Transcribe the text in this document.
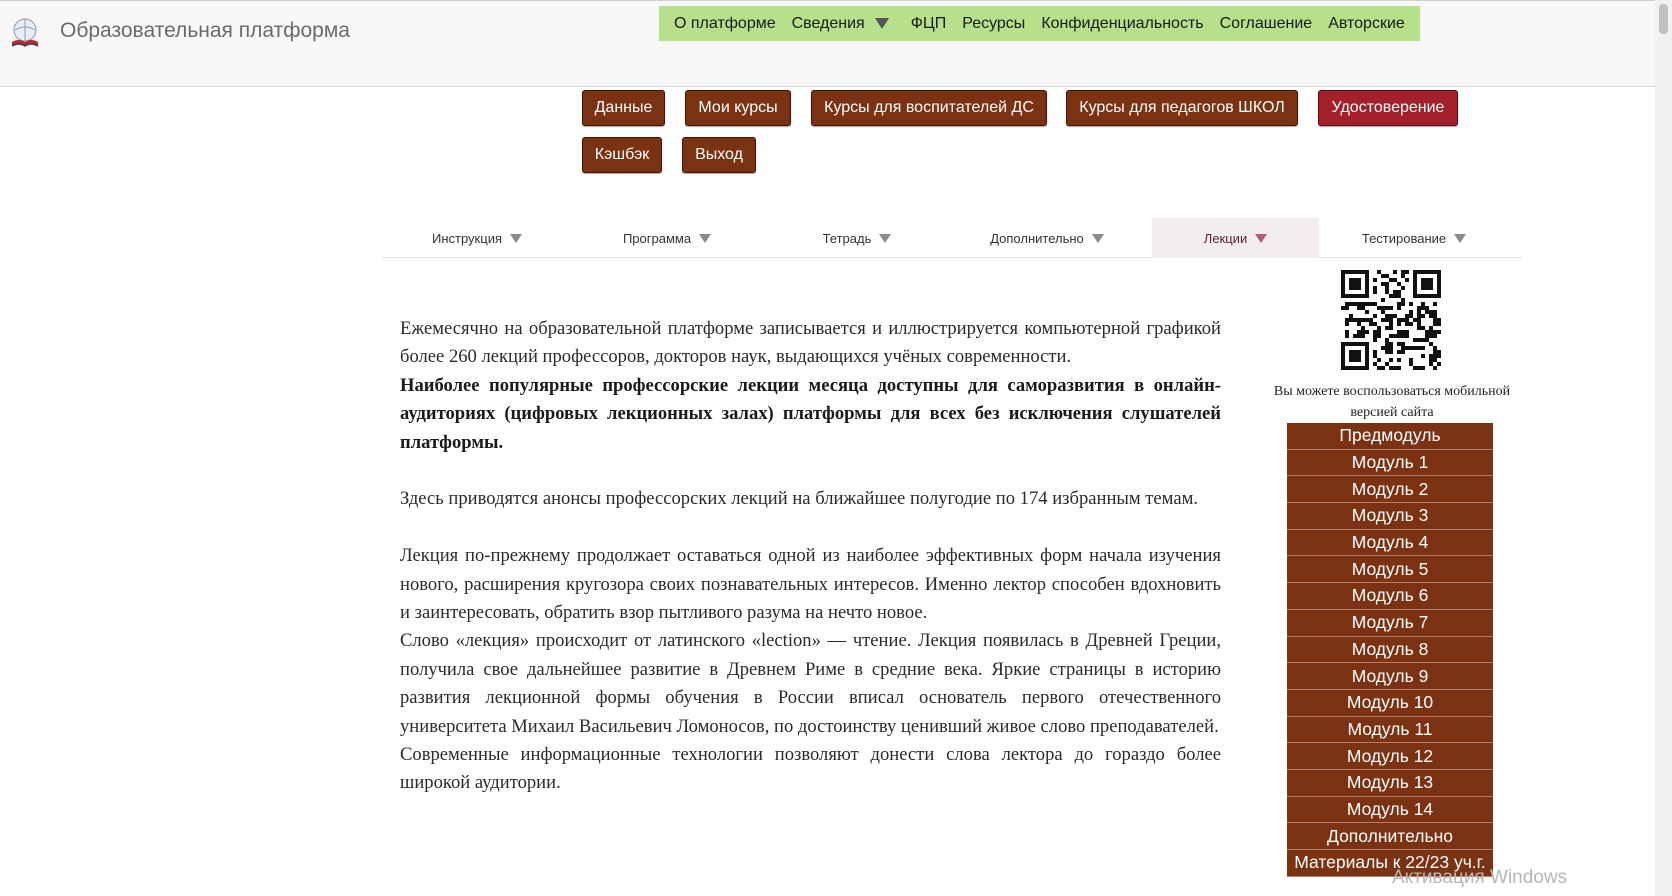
Образовательная платформа	О платформе Сведения	ФЦП Ресурсы Конфиденциальность Соглашение Авторские
Данные	Мои курсы	Курсы для воспитателей ДС	Курсы для педагогов ШКОЛ	Удостоверение
Кэшбэк	Выход
Инструкция	Программа	Тетрадь	Дополнительно	Лекции	Тестирование

Ежемесячно на образовательной платформе записывается и иллюстрируется компьютерной графикой более 260 лекций профессоров, докторов наук, выдающихся учёных современности.

Наиболее популярные профессорские лекции месяца доступны для саморазвития в онлайн-аудиториях (цифровых лекционных залах) платформы для всех без исключения слушателей платформы.

Здесь приводятся анонсы профессорских лекций на ближайшее полугодие по 174 избранным темам.

Лекция по-прежнему продолжает оставаться одной из наиболее эффективных форм начала изучения нового, расширения кругозора своих познавательных интересов. Именно лектор способен вдохновить и заинтересовать, обратить взор пытливого разума на нечто новое.

Слово «лекция» происходит от латинского «lection» — чтение. Лекция появилась в Древней Греции, получила свое дальнейшее развитие в Древнем Риме в средние века. Яркие страницы в историю развития лекционной формы обучения в России вписал основатель первого отечественного университета Михаил Васильевич Ломоносов, по достоинству ценивший живое слово преподавателей.

Современные информационные технологии позволяют донести слова лектора до гораздо более широкой аудитории.

Вы можете воспользоваться мобильной версией сайта
Предмодуль
Модуль 1
Модуль 2
Модуль 3
Модуль 4
Модуль 5
Модуль 6
Модуль 7
Модуль 8
Модуль 9
Модуль 10
Модуль 11
Модуль 12
Модуль 13
Модуль 14
Дополнительно
Материалы к 22/23 уч.г.
Активация Windows
